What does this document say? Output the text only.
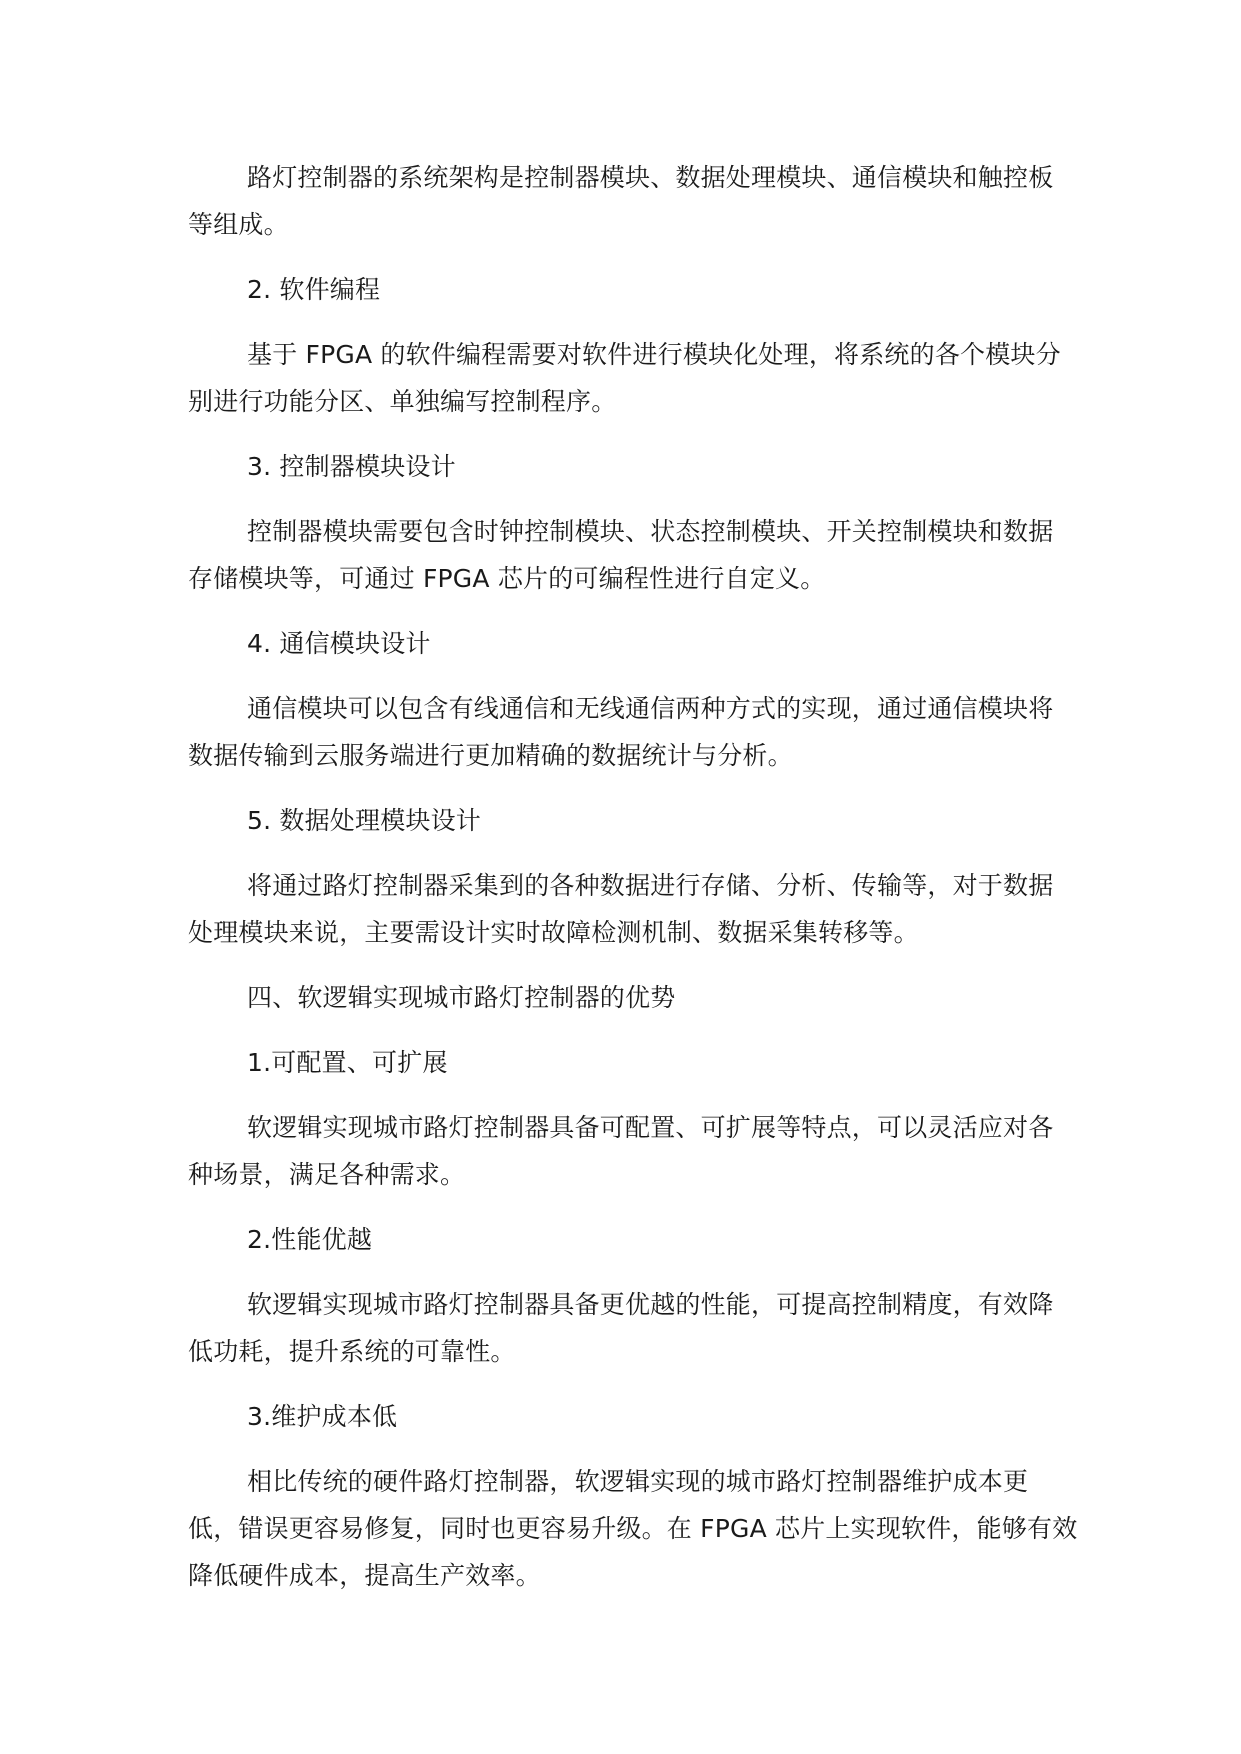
路灯控制器的系统架构是控制器模块、数据处理模块、通信模块和触控板等组成。

2. 软件编程

基于 FPGA 的软件编程需要对软件进行模块化处理，将系统的各个模块分别进行功能分区、单独编写控制程序。

3. 控制器模块设计

控制器模块需要包含时钟控制模块、状态控制模块、开关控制模块和数据存储模块等，可通过 FPGA 芯片的可编程性进行自定义。

4. 通信模块设计

通信模块可以包含有线通信和无线通信两种方式的实现，通过通信模块将数据传输到云服务端进行更加精确的数据统计与分析。

5. 数据处理模块设计

将通过路灯控制器采集到的各种数据进行存储、分析、传输等，对于数据处理模块来说，主要需设计实时故障检测机制、数据采集转移等。

四、软逻辑实现城市路灯控制器的优势

1.可配置、可扩展

软逻辑实现城市路灯控制器具备可配置、可扩展等特点，可以灵活应对各种场景，满足各种需求。

2.性能优越

软逻辑实现城市路灯控制器具备更优越的性能，可提高控制精度，有效降低功耗，提升系统的可靠性。

3.维护成本低

相比传统的硬件路灯控制器，软逻辑实现的城市路灯控制器维护成本更低，错误更容易修复，同时也更容易升级。在 FPGA 芯片上实现软件，能够有效降低硬件成本，提高生产效率。
